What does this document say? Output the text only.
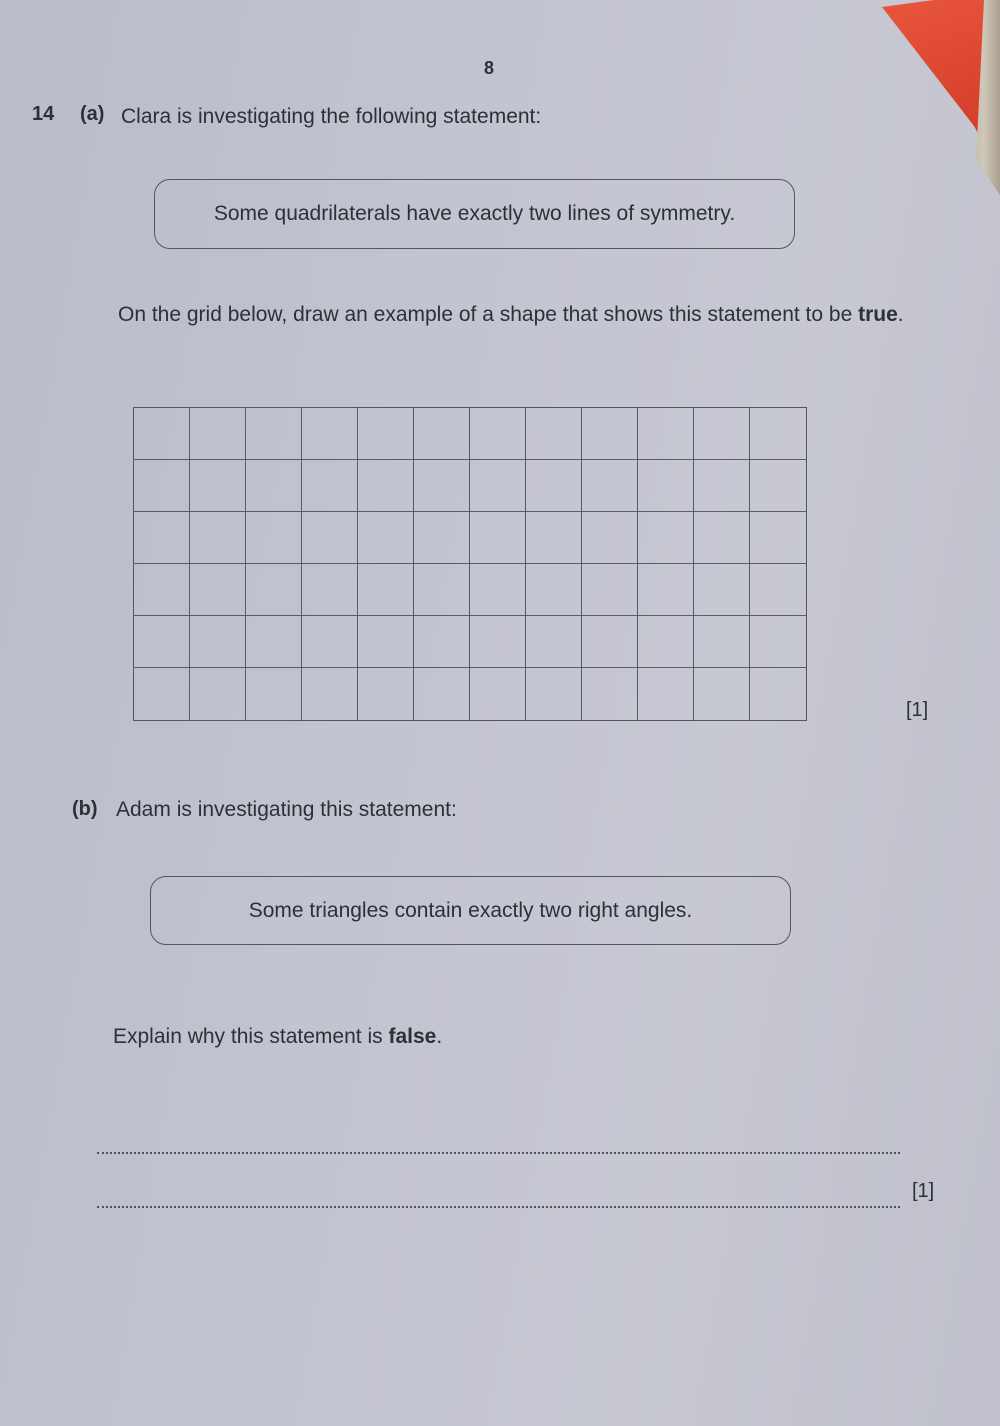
8
14 (a) Clara is investigating the following statement:
Some quadrilaterals have exactly two lines of symmetry.
On the grid below, draw an example of a shape that shows this statement to be true.
[1]
(b) Adam is investigating this statement:
Some triangles contain exactly two right angles.
Explain why this statement is false.
[1]
